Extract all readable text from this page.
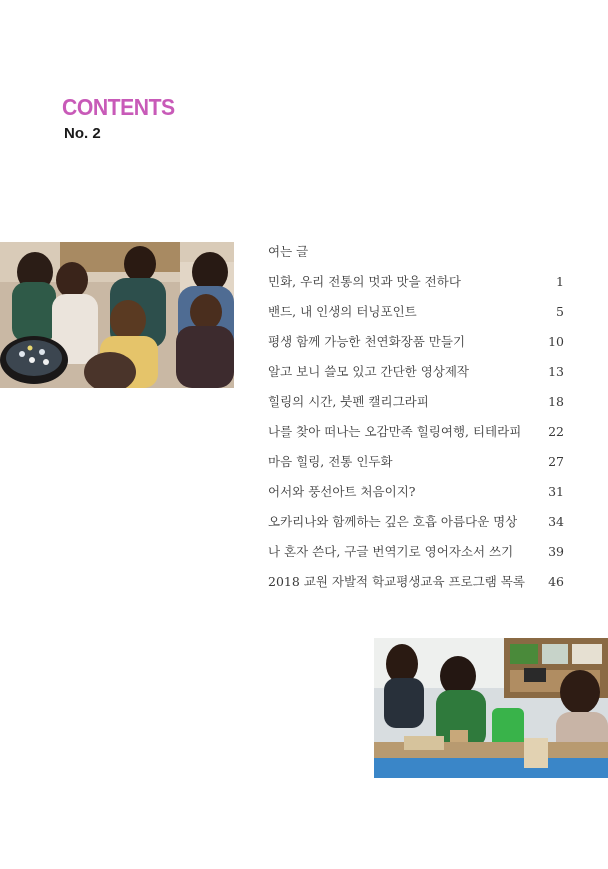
CONTENTS
No. 2
여는 글
민화, 우리 전통의 멋과 맛을 전하다	1
밴드, 내 인생의 터닝포인트	5
평생 함께 가능한 천연화장품 만들기	10
알고 보니 쓸모 있고 간단한 영상제작	13
힐링의 시간, 붓펜 캘리그라피	18
나를 찾아 떠나는 오감만족 힐링여행, 티테라피	22
마음 힐링, 전통 인두화	27
어서와 풍선아트 처음이지?	31
오카리나와 함께하는 깊은 호흡 아름다운 명상	34
나 혼자 쓴다, 구글 번역기로 영어자소서 쓰기	39
2018 교원 자발적 학교평생교육 프로그램 목록	46
